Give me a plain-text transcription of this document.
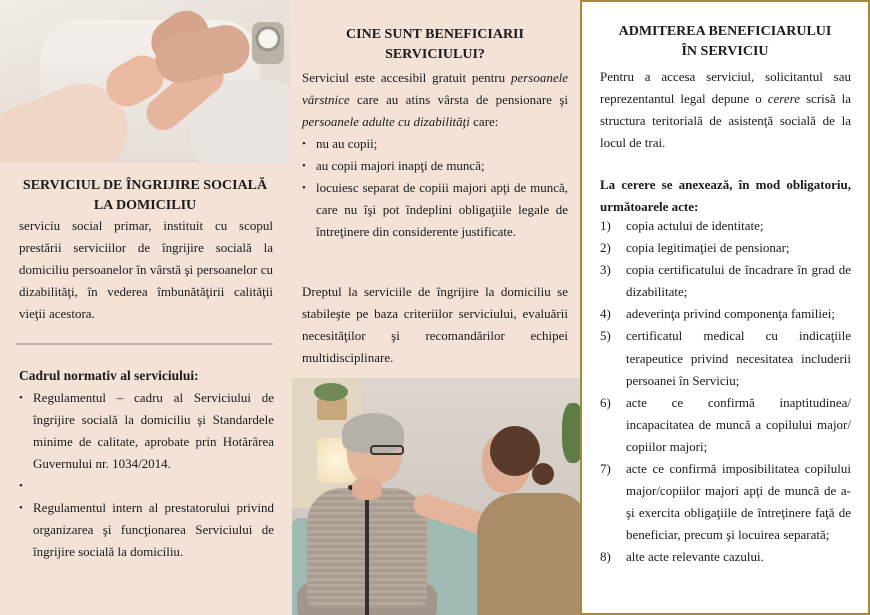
SERVICIUL DE ÎNGRIJIRE SOCIALĂ
LA DOMICILIU

serviciu social primar, instituit cu scopul prestării serviciilor de îngrijire socială la domiciliu persoanelor în vârstă şi persoanelor cu dizabilităţi, în vederea îmbunătăţirii calităţii vieţii acestora.

Cadrul normativ al serviciului:

• Regulamentul – cadru al Serviciului de îngrijire socială la domiciliu şi Standardele minime de calitate, aprobate prin Hotărârea Guvernului nr. 1034/2014.
•
• Regulamentul intern al prestatorului privind organizarea şi funcţionarea Serviciului de îngrijire socială la domiciliu.
CINE SUNT BENEFICIARII
SERVICIULUI?

Serviciul este accesibil gratuit pentru persoanele vârstnice care au atins vârsta de pensionare şi persoanele adulte cu dizabilităţi care:

• nu au copii;
• au copii majori inapţi de muncă;
• locuiesc separat de copiii majori apţi de muncă, care nu îşi pot îndeplini obligaţiile legale de întreţinere din considerente justificate.

Dreptul la serviciile de îngrijire la domiciliu se stabileşte pe baza criteriilor serviciului, evaluării necesităţilor şi recomandărilor echipei multidisciplinare.

ADMITEREA BENEFICIARULUI
ÎN SERVICIU

Pentru a accesa serviciul, solicitantul sau reprezentantul legal depune o cerere scrisă la structura teritorială de asistenţă socială de la locul de trai.

La cerere se anexează, în mod obligatoriu, următoarele acte:

1) copia actului de identitate;
2) copia legitimaţiei de pensionar;
3) copia certificatului de încadrare în grad de dizabilitate;
4) adeverinţa privind componenţa familiei;
5) certificatul medical cu indicaţiile terapeutice privind necesitatea includerii persoanei în Serviciu;
6) acte ce confirmă inaptitudinea/ incapacitatea de muncă a copilului major/ copiilor majori;
7) acte ce confirmă imposibilitatea copilului major/copiilor majori apţi de muncă de a-şi exercita obligaţiile de întreţinere faţă de beneficiar, precum şi locuirea separată;
8) alte acte relevante cazului.
